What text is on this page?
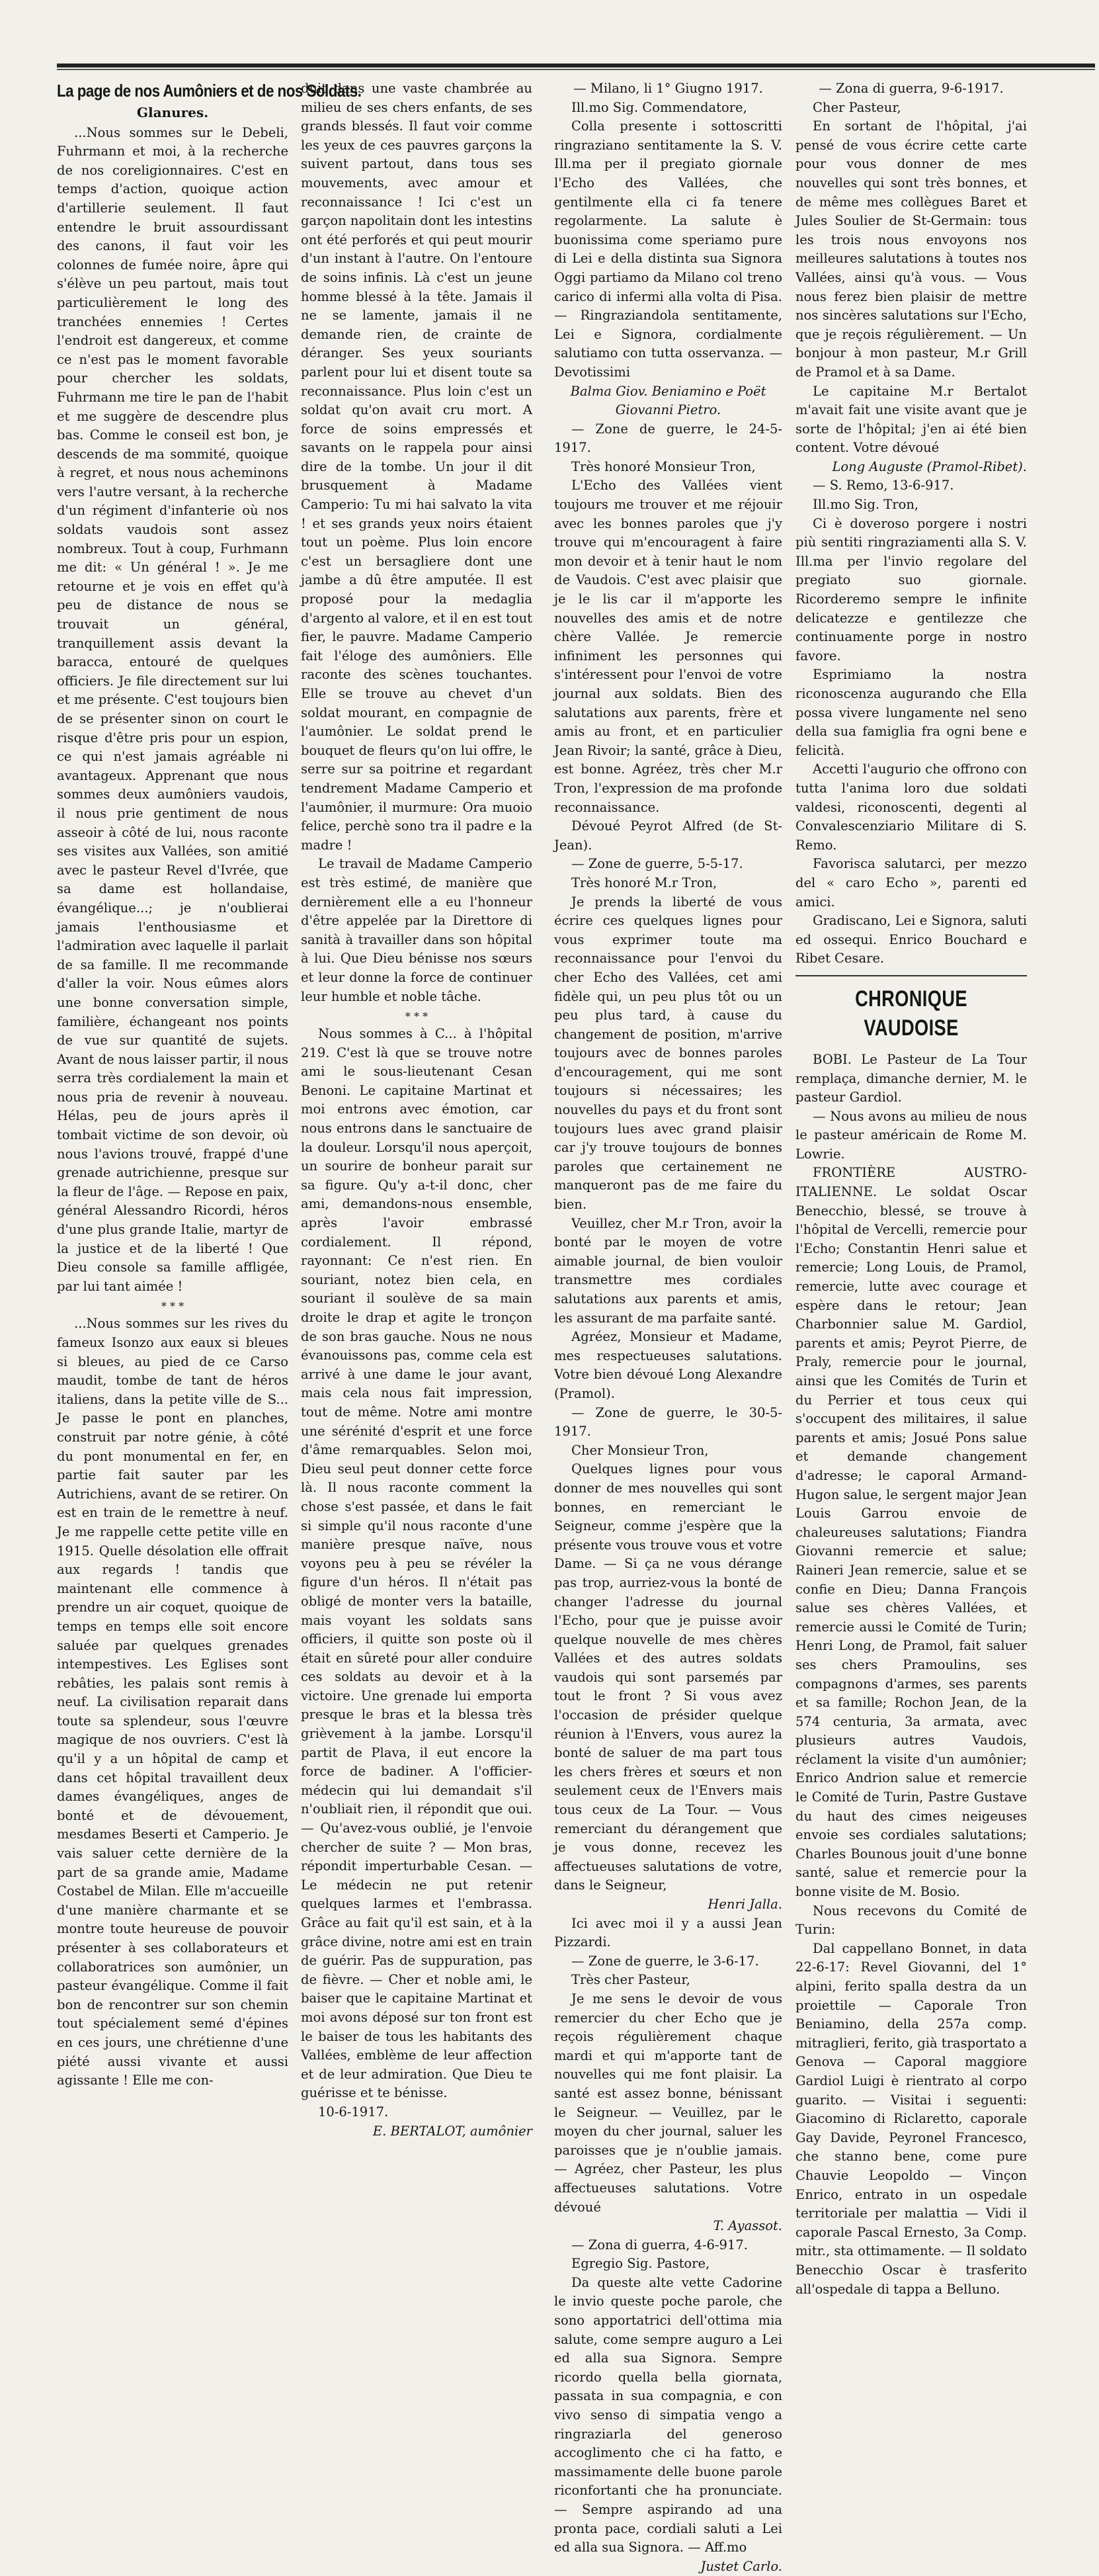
La page de nos Aumôniers et de nos Soldats.
Glanures.

...Nous sommes sur le Debeli, Fuhrmann et moi, à la recherche de nos coreligionnaires. C'est en temps d'action, quoique action d'artillerie seulement. Il faut entendre le bruit assourdissant des canons, il faut voir les colonnes de fumée noire, âpre qui s'élève un peu partout, mais tout particulièrement le long des tranchées ennemies ! Certes l'endroit est dangereux, et comme ce n'est pas le moment favorable pour chercher les soldats, Fuhrmann me tire le pan de l'habit et me suggère de descendre plus bas. Comme le conseil est bon, je descends de ma sommité, quoique à regret, et nous nous acheminons vers l'autre versant, à la recherche d'un régiment d'infanterie où nos soldats vaudois sont assez nombreux. Tout à coup, Furhmann me dit: « Un général ! ». Je me retourne et je vois en effet qu'à peu de distance de nous se trouvait un général, tranquillement assis devant la baracca, entouré de quelques officiers. Je file directement sur lui et me présente. C'est toujours bien de se présenter sinon on court le risque d'être pris pour un espion, ce qui n'est jamais agréable ni avantageux. Apprenant que nous sommes deux aumôniers vaudois, il nous prie gentiment de nous asseoir à côté de lui, nous raconte ses visites aux Vallées, son amitié avec le pasteur Revel d'Ivrée, que sa dame est hollandaise, évangélique...; je n'oublierai jamais l'enthousiasme et l'admiration avec laquelle il parlait de sa famille. Il me recommande d'aller la voir. Nous eûmes alors une bonne conversation simple, familière, échangeant nos points de vue sur quantité de sujets. Avant de nous laisser partir, il nous serra très cordialement la main et nous pria de revenir à nouveau. Hélas, peu de jours après il tombait victime de son devoir, où nous l'avions trouvé, frappé d'une grenade autrichienne, presque sur la fleur de l'âge. — Repose en paix, général Alessandro Ricordi, héros d'une plus grande Italie, martyr de la justice et de la liberté ! Que Dieu console sa famille affligée, par lui tant aimée !

* * *

...Nous sommes sur les rives du fameux Isonzo aux eaux si bleues si bleues, au pied de ce Carso maudit, tombe de tant de héros italiens, dans la petite ville de S... Je passe le pont en planches, construit par notre génie, à côté du pont monumental en fer, en partie fait sauter par les Autrichiens, avant de se retirer. On est en train de le remettre à neuf. Je me rappelle cette petite ville en 1915. Quelle désolation elle offrait aux regards ! tandis que maintenant elle commence à prendre un air coquet, quoique de temps en temps elle soit encore saluée par quelques grenades intempestives. Les Eglises sont rebâties, les palais sont remis à neuf. La civilisation reparait dans toute sa splendeur, sous l'œuvre magique de nos ouvriers. C'est là qu'il y a un hôpital de camp et dans cet hôpital travaillent deux dames évangéliques, anges de bonté et de dévouement, mesdames Beserti et Camperio. Je vais saluer cette dernière de la part de sa grande amie, Madame Costabel de Milan. Elle m'accueille d'une manière charmante et se montre toute heureuse de pouvoir présenter à ses collaborateurs et collaboratrices son aumônier, un pasteur évangélique. Comme il fait bon de rencontrer sur son chemin tout spécialement semé d'épines en ces jours, une chrétienne d'une piété aussi vivante et aussi agissante ! Elle me con-

duit dans une vaste chambrée au milieu de ses chers enfants, de ses grands blessés. Il faut voir comme les yeux de ces pauvres garçons la suivent partout, dans tous ses mouvements, avec amour et reconnaissance ! Ici c'est un garçon napolitain dont les intestins ont été perforés et qui peut mourir d'un instant à l'autre. On l'entoure de soins infinis. Là c'est un jeune homme blessé à la tête. Jamais il ne se lamente, jamais il ne demande rien, de crainte de déranger. Ses yeux souriants parlent pour lui et disent toute sa reconnaissance. Plus loin c'est un soldat qu'on avait cru mort. A force de soins empressés et savants on le rappela pour ainsi dire de la tombe. Un jour il dit brusquement à Madame Camperio: Tu mi hai salvato la vita ! et ses grands yeux noirs étaient tout un poème. Plus loin encore c'est un bersagliere dont une jambe a dû être amputée. Il est proposé pour la medaglia d'argento al valore, et il en est tout fier, le pauvre. Madame Camperio fait l'éloge des aumôniers. Elle raconte des scènes touchantes. Elle se trouve au chevet d'un soldat mourant, en compagnie de l'aumônier. Le soldat prend le bouquet de fleurs qu'on lui offre, le serre sur sa poitrine et regardant tendrement Madame Camperio et l'aumônier, il murmure: Ora muoio felice, perchè sono tra il padre e la madre !

Le travail de Madame Camperio est très estimé, de manière que dernièrement elle a eu l'honneur d'être appelée par la Direttore di sanità à travailler dans son hôpital à lui. Que Dieu bénisse nos sœurs et leur donne la force de continuer leur humble et noble tâche.

* * *

Nous sommes à C... à l'hôpital 219. C'est là que se trouve notre ami le sous-lieutenant Cesan Benoni. Le capitaine Martinat et moi entrons avec émotion, car nous entrons dans le sanctuaire de la douleur. Lorsqu'il nous aperçoit, un sourire de bonheur parait sur sa figure. Qu'y a-t-il donc, cher ami, demandons-nous ensemble, après l'avoir embrassé cordialement. Il répond, rayonnant: Ce n'est rien. En souriant, notez bien cela, en souriant il soulève de sa main droite le drap et agite le tronçon de son bras gauche. Nous ne nous évanouissons pas, comme cela est arrivé à une dame le jour avant, mais cela nous fait impression, tout de même. Notre ami montre une sérénité d'esprit et une force d'âme remarquables. Selon moi, Dieu seul peut donner cette force là. Il nous raconte comment la chose s'est passée, et dans le fait si simple qu'il nous raconte d'une manière presque naïve, nous voyons peu à peu se révéler la figure d'un héros. Il n'était pas obligé de monter vers la bataille, mais voyant les soldats sans officiers, il quitte son poste où il était en sûreté pour aller conduire ces soldats au devoir et à la victoire. Une grenade lui emporta presque le bras et la blessa très grièvement à la jambe. Lorsqu'il partit de Plava, il eut encore la force de badiner. A l'officier-médecin qui lui demandait s'il n'oubliait rien, il répondit que oui. — Qu'avez-vous oublié, je l'envoie chercher de suite ? — Mon bras, répondit imperturbable Cesan. — Le médecin ne put retenir quelques larmes et l'embrassa. Grâce au fait qu'il est sain, et à la grâce divine, notre ami est en train de guérir. Pas de suppuration, pas de fièvre. — Cher et noble ami, le baiser que le capitaine Martinat et moi avons déposé sur ton front est le baiser de tous les habitants des Vallées, emblème de leur affection et de leur admiration. Que Dieu te guérisse et te bénisse.

10-6-1917.

E. BERTALOT, aumônier

— Milano, li 1° Giugno 1917.

Ill.mo Sig. Commendatore,

Colla presente i sottoscritti ringraziano sentitamente la S. V. Ill.ma per il pregiato giornale l'Echo des Vallées, che gentilmente ella ci fa tenere regolarmente. La salute è buonissima come speriamo pure di Lei e della distinta sua Signora Oggi partiamo da Milano col treno carico di infermi alla volta di Pisa. — Ringraziandola sentitamente, Lei e Signora, cordialmente salutiamo con tutta osservanza. — Devotissimi

Balma Giov. Beniamino e Poët Giovanni Pietro.

— Zone de guerre, le 24-5-1917.

Très honoré Monsieur Tron,

L'Echo des Vallées vient toujours me trouver et me réjouir avec les bonnes paroles que j'y trouve qui m'encouragent à faire mon devoir et à tenir haut le nom de Vaudois. C'est avec plaisir que je le lis car il m'apporte les nouvelles des amis et de notre chère Vallée. Je remercie infiniment les personnes qui s'intéressent pour l'envoi de votre journal aux soldats. Bien des salutations aux parents, frère et amis au front, et en particulier Jean Rivoir; la santé, grâce à Dieu, est bonne. Agréez, très cher M.r Tron, l'expression de ma profonde reconnaissance.

Dévoué Peyrot Alfred (de St-Jean).

— Zone de guerre, 5-5-17.

Très honoré M.r Tron,

Je prends la liberté de vous écrire ces quelques lignes pour vous exprimer toute ma reconnaissance pour l'envoi du cher Echo des Vallées, cet ami fidèle qui, un peu plus tôt ou un peu plus tard, à cause du changement de position, m'arrive toujours avec de bonnes paroles d'encouragement, qui me sont toujours si nécessaires; les nouvelles du pays et du front sont toujours lues avec grand plaisir car j'y trouve toujours de bonnes paroles que certainement ne manqueront pas de me faire du bien.

Veuillez, cher M.r Tron, avoir la bonté par le moyen de votre aimable journal, de bien vouloir transmettre mes cordiales salutations aux parents et amis, les assurant de ma parfaite santé.

Agréez, Monsieur et Madame, mes respectueuses salutations. Votre bien dévoué Long Alexandre (Pramol).

— Zone de guerre, le 30-5-1917.

Cher Monsieur Tron,

Quelques lignes pour vous donner de mes nouvelles qui sont bonnes, en remerciant le Seigneur, comme j'espère que la présente vous trouve vous et votre Dame. — Si ça ne vous dérange pas trop, aurriez-vous la bonté de changer l'adresse du journal l'Echo, pour que je puisse avoir quelque nouvelle de mes chères Vallées et des autres soldats vaudois qui sont parsemés par tout le front ? Si vous avez l'occasion de présider quelque réunion à l'Envers, vous aurez la bonté de saluer de ma part tous les chers frères et sœurs et non seulement ceux de l'Envers mais tous ceux de La Tour. — Vous remerciant du dérangement que je vous donne, recevez les affectueuses salutations de votre, dans le Seigneur,

Henri Jalla.

Ici avec moi il y a aussi Jean Pizzardi.

— Zone de guerre, le 3-6-17.

Très cher Pasteur,

Je me sens le devoir de vous remercier du cher Echo que je reçois régulièrement chaque mardi et qui m'apporte tant de nouvelles qui me font plaisir. La santé est assez bonne, bénissant le Seigneur. — Veuillez, par le moyen du cher journal, saluer les paroisses que je n'oublie jamais. — Agréez, cher Pasteur, les plus affectueuses salutations. Votre dévoué

T. Ayassot.

— Zona di guerra, 4-6-917.

Egregio Sig. Pastore,

Da queste alte vette Cadorine le invio queste poche parole, che sono apportatrici dell'ottima mia salute, come sempre auguro a Lei ed alla sua Signora. Sempre ricordo quella bella giornata, passata in sua compagnia, e con vivo senso di simpatia vengo a ringraziarla del generoso accoglimento che ci ha fatto, e massimamente delle buone parole riconfortanti che ha pronunciate. — Sempre aspirando ad una pronta pace, cordiali saluti a Lei ed alla sua Signora. — Aff.mo

Justet Carlo.

— Zona di guerra, 9-6-1917.

Cher Pasteur,

En sortant de l'hôpital, j'ai pensé de vous écrire cette carte pour vous donner de mes nouvelles qui sont très bonnes, et de même mes collègues Baret et Jules Soulier de St-Germain: tous les trois nous envoyons nos meilleures salutations à toutes nos Vallées, ainsi qu'à vous. — Vous nous ferez bien plaisir de mettre nos sincères salutations sur l'Echo, que je reçois régulièrement. — Un bonjour à mon pasteur, M.r Grill de Pramol et à sa Dame.

Le capitaine M.r Bertalot m'avait fait une visite avant que je sorte de l'hôpital; j'en ai été bien content. Votre dévoué

Long Auguste (Pramol-Ribet).

— S. Remo, 13-6-917.

Ill.mo Sig. Tron,

Ci è doveroso porgere i nostri più sentiti ringraziamenti alla S. V. Ill.ma per l'invio regolare del pregiato suo giornale. Ricorderemo sempre le infinite delicatezze e gentilezze che continuamente porge in nostro favore.

Esprimiamo la nostra riconoscenza augurando che Ella possa vivere lungamente nel seno della sua famiglia fra ogni bene e felicità.

Accetti l'augurio che offrono con tutta l'anima loro due soldati valdesi, riconoscenti, degenti al Convalescenziario Militare di S. Remo.

Favorisca salutarci, per mezzo del « caro Echo », parenti ed amici.

Gradiscano, Lei e Signora, saluti ed ossequi. Enrico Bouchard e Ribet Cesare.

CHRONIQUE VAUDOISE

BOBI. Le Pasteur de La Tour remplaça, dimanche dernier, M. le pasteur Gardiol.

— Nous avons au milieu de nous le pasteur américain de Rome M. Lowrie.

FRONTIÈRE AUSTRO-ITALIENNE. Le soldat Oscar Benecchio, blessé, se trouve à l'hôpital de Vercelli, remercie pour l'Echo; Constantin Henri salue et remercie; Long Louis, de Pramol, remercie, lutte avec courage et espère dans le retour; Jean Charbonnier salue M. Gardiol, parents et amis; Peyrot Pierre, de Praly, remercie pour le journal, ainsi que les Comités de Turin et du Perrier et tous ceux qui s'occupent des militaires, il salue parents et amis; Josué Pons salue et demande changement d'adresse; le caporal Armand-Hugon salue, le sergent major Jean Louis Garrou envoie de chaleureuses salutations; Fiandra Giovanni remercie et salue; Raineri Jean remercie, salue et se confie en Dieu; Danna François salue ses chères Vallées, et remercie aussi le Comité de Turin; Henri Long, de Pramol, fait saluer ses chers Pramoulins, ses compagnons d'armes, ses parents et sa famille; Rochon Jean, de la 574 centuria, 3a armata, avec plusieurs autres Vaudois, réclament la visite d'un aumônier; Enrico Andrion salue et remercie le Comité de Turin, Pastre Gustave du haut des cimes neigeuses envoie ses cordiales salutations; Charles Bounous jouit d'une bonne santé, salue et remercie pour la bonne visite de M. Bosio.

Nous recevons du Comité de Turin:

Dal cappellano Bonnet, in data 22-6-17: Revel Giovanni, del 1° alpini, ferito spalla destra da un proiettile — Caporale Tron Beniamino, della 257a comp. mitraglieri, ferito, già trasportato a Genova — Caporal maggiore Gardiol Luigi è rientrato al corpo guarito. — Visitai i seguenti: Giacomino di Riclaretto, caporale Gay Davide, Peyronel Francesco, che stanno bene, come pure Chauvie Leopoldo — Vinçon Enrico, entrato in un ospedale territoriale per malattia — Vidi il caporale Pascal Ernesto, 3a Comp. mitr., sta ottimamente. — Il soldato Benecchio Oscar è trasferito all'ospedale di tappa a Belluno.
